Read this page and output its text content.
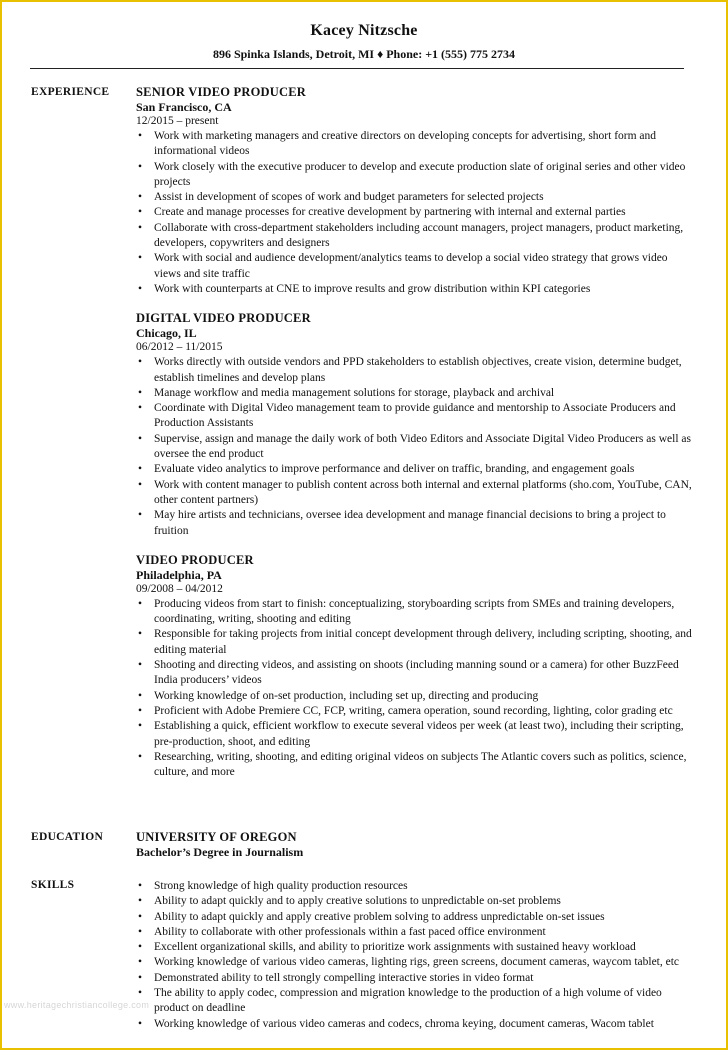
Kacey Nitzsche
896 Spinka Islands, Detroit, MI ♦ Phone: +1 (555) 775 2734
EXPERIENCE SENIOR VIDEO PRODUCER
San Francisco, CA
12/2015 – present
• Work with marketing managers and creative directors on developing concepts for advertising, short form and informational videos
• Work closely with the executive producer to develop and execute production slate of original series and other video projects
• Assist in development of scopes of work and budget parameters for selected projects
• Create and manage processes for creative development by partnering with internal and external parties
• Collaborate with cross-department stakeholders including account managers, project managers, product marketing, developers, copywriters and designers
• Work with social and audience development/analytics teams to develop a social video strategy that grows video views and site traffic
• Work with counterparts at CNE to improve results and grow distribution within KPI categories
DIGITAL VIDEO PRODUCER
Chicago, IL
06/2012 – 11/2015
• Works directly with outside vendors and PPD stakeholders to establish objectives, create vision, determine budget, establish timelines and develop plans
• Manage workflow and media management solutions for storage, playback and archival
• Coordinate with Digital Video management team to provide guidance and mentorship to Associate Producers and Production Assistants
• Supervise, assign and manage the daily work of both Video Editors and Associate Digital Video Producers as well as oversee the end product
• Evaluate video analytics to improve performance and deliver on traffic, branding, and engagement goals
• Work with content manager to publish content across both internal and external platforms (sho.com, YouTube, CAN, other content partners)
• May hire artists and technicians, oversee idea development and manage financial decisions to bring a project to fruition
VIDEO PRODUCER
Philadelphia, PA
09/2008 – 04/2012
• Producing videos from start to finish: conceptualizing, storyboarding scripts from SMEs and training developers, coordinating, writing, shooting and editing
• Responsible for taking projects from initial concept development through delivery, including scripting, shooting, and editing material
• Shooting and directing videos, and assisting on shoots (including manning sound or a camera) for other BuzzFeed India producers’ videos
• Working knowledge of on-set production, including set up, directing and producing
• Proficient with Adobe Premiere CC, FCP, writing, camera operation, sound recording, lighting, color grading etc
• Establishing a quick, efficient workflow to execute several videos per week (at least two), including their scripting, pre-production, shoot, and editing
• Researching, writing, shooting, and editing original videos on subjects The Atlantic covers such as politics, science, culture, and more
EDUCATION	UNIVERSITY OF OREGON
Bachelor’s Degree in Journalism
SKILLS	• Strong knowledge of high quality production resources
• Ability to adapt quickly and to apply creative solutions to unpredictable on-set problems
• Ability to adapt quickly and apply creative problem solving to address unpredictable on-set issues
• Ability to collaborate with other professionals within a fast paced office environment
• Excellent organizational skills, and ability to prioritize work assignments with sustained heavy workload
• Working knowledge of various video cameras, lighting rigs, green screens, document cameras, waycom tablet, etc
• Demonstrated ability to tell strongly compelling interactive stories in video format
• The ability to apply codec, compression and migration knowledge to the production of a high volume of video product on deadline
• Working knowledge of various video cameras and codecs, chroma keying, document cameras, Wacom tablet
www.heritagechristiancollege.com
